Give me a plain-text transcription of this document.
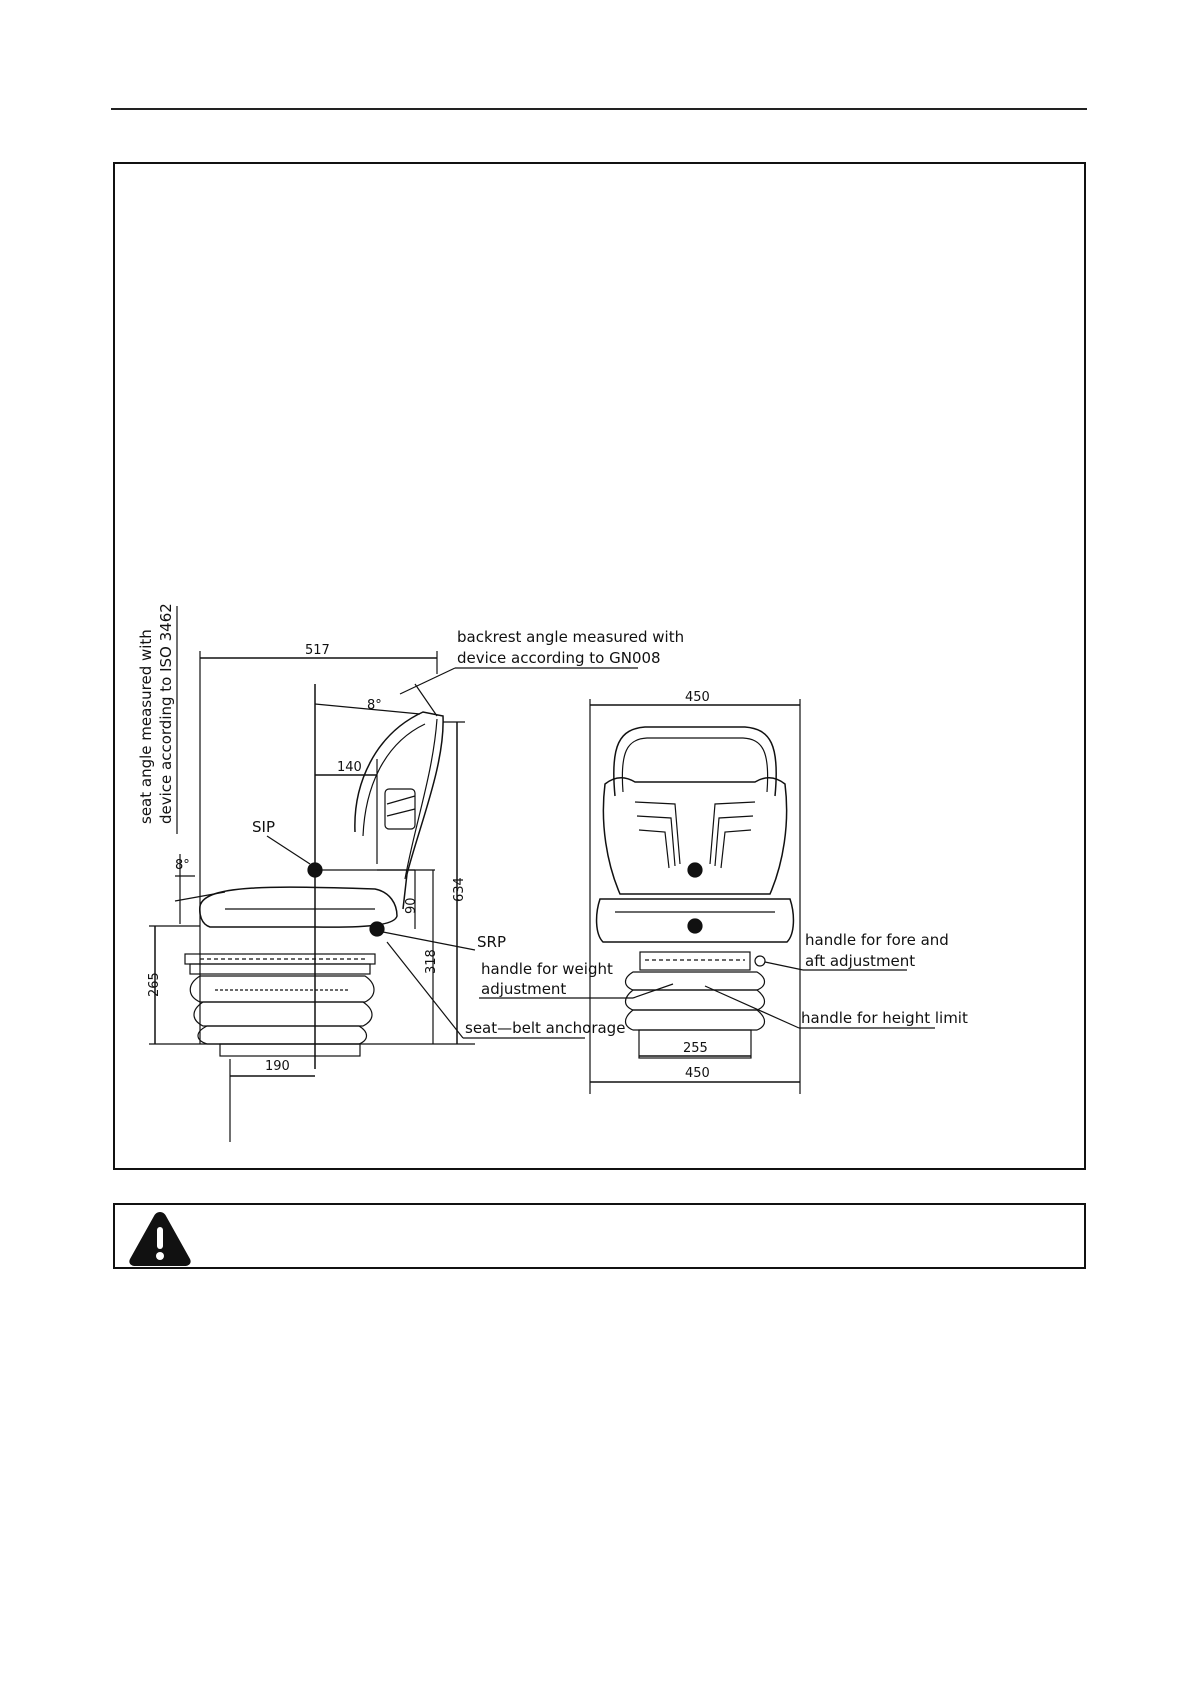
517
backrest angle measured with
device according to GN008
8°
140
8°
seat angle measured with device according to ISO 3462
SIP
SRP
90
318
634
265
seat—belt anchorage
handle for weight
adjustment
190
450
255
450
handle for fore and
aft adjustment
handle for height limit
